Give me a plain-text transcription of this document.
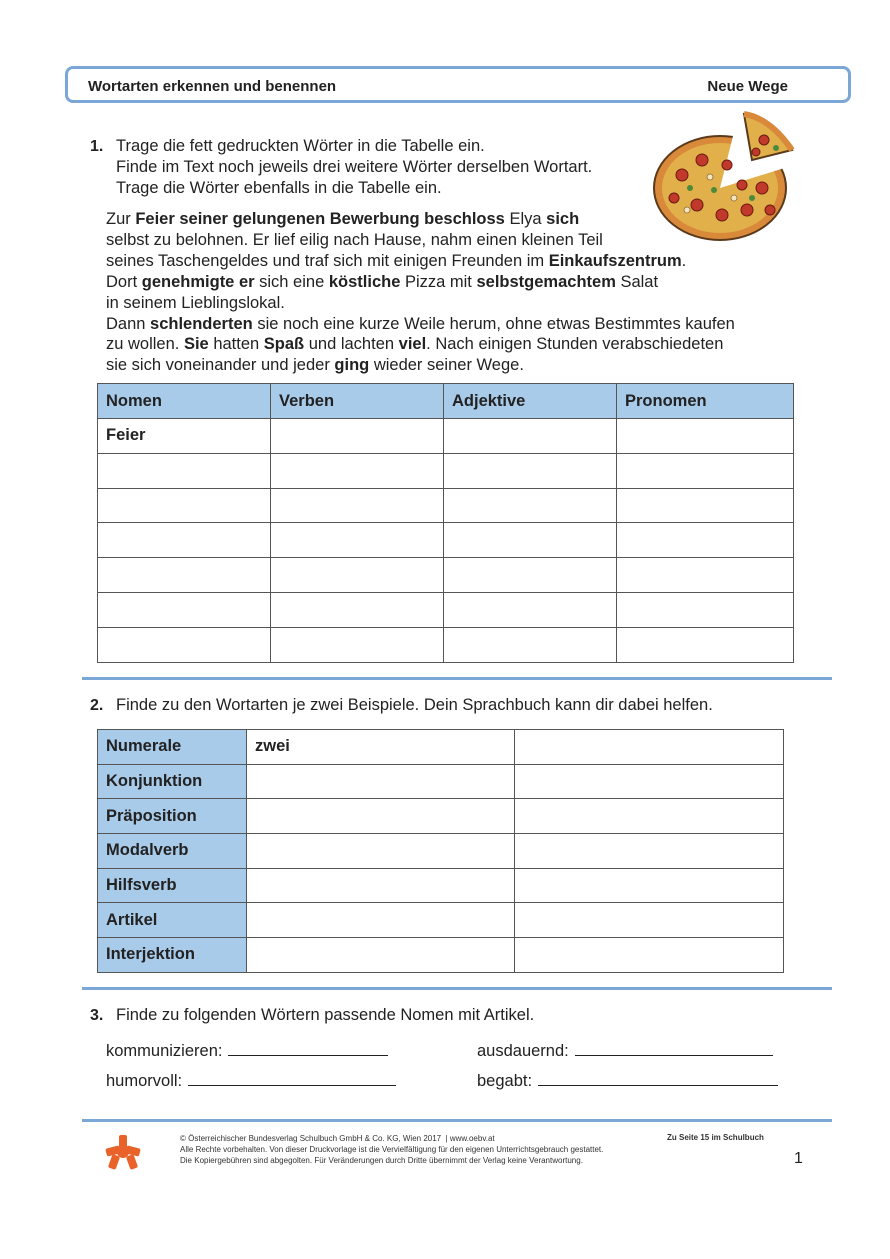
Wortarten erkennen und benennen	Neue Wege
1. Trage die fett gedruckten Wörter in die Tabelle ein.
Finde im Text noch jeweils drei weitere Wörter derselben Wortart.
Trage die Wörter ebenfalls in die Tabelle ein.
Zur Feier seiner gelungenen Bewerbung beschloss Elya sich
selbst zu belohnen. Er lief eilig nach Hause, nahm einen kleinen Teil
seines Taschengeldes und traf sich mit einigen Freunden im Einkaufszentrum.
Dort genehmigte er sich eine köstliche Pizza mit selbstgemachtem Salat
in seinem Lieblingslokal.
Dann schlenderten sie noch eine kurze Weile herum, ohne etwas Bestimmtes kaufen
zu wollen. Sie hatten Spaß und lachten viel. Nach einigen Stunden verabschiedeten
sie sich voneinander und jeder ging wieder seiner Wege.
Nomen	Verben	Adjektive	Pronomen
Feier			

2. Finde zu den Wortarten je zwei Beispiele. Dein Sprachbuch kann dir dabei helfen.
Numerale	zwei	
Konjunktion		
Präposition		
Modalverb		
Hilfsverb		
Artikel		
Interjektion		
3. Finde zu folgenden Wörtern passende Nomen mit Artikel.
kommunizieren:	ausdauernd:
humorvoll:	begabt:
© Österreichischer Bundesverlag Schulbuch GmbH & Co. KG, Wien 2017  | www.oebv.at
Alle Rechte vorbehalten. Von dieser Druckvorlage ist die Vervielfältigung für den eigenen Unterrichtsgebrauch gestattet.
Die Kopiergebühren sind abgegolten. Für Veränderungen durch Dritte übernimmt der Verlag keine Verantwortung.
Zu Seite 15 im Schulbuch
1
